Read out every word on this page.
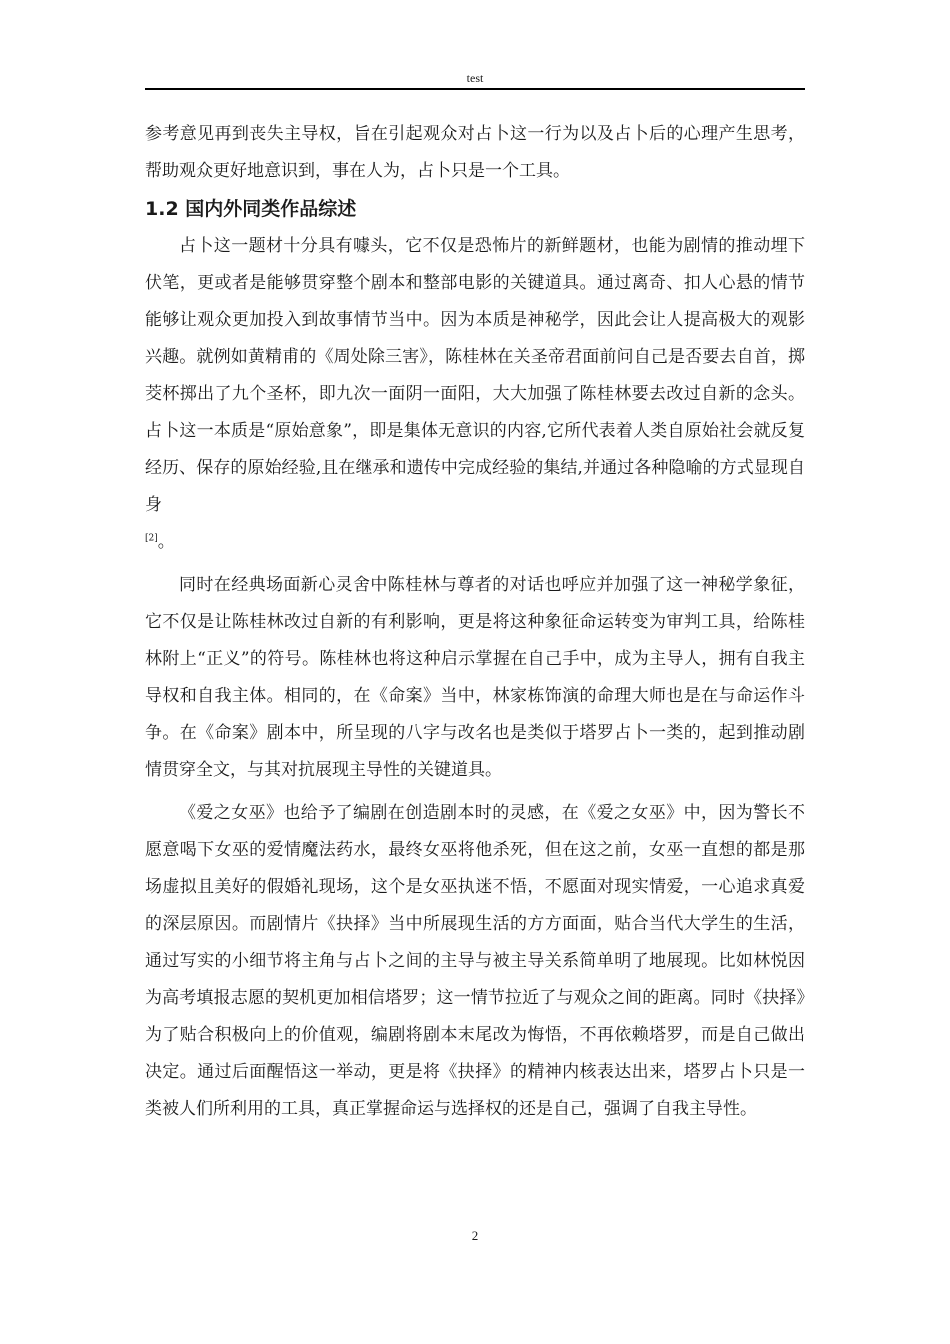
test

参考意见再到丧失主导权，旨在引起观众对占卜这一行为以及占卜后的心理产生思考，帮助观众更好地意识到，事在人为，占卜只是一个工具。

1.2 国内外同类作品综述

占卜这一题材十分具有噱头，它不仅是恐怖片的新鲜题材，也能为剧情的推动埋下伏笔，更或者是能够贯穿整个剧本和整部电影的关键道具。通过离奇、扣人心悬的情节能够让观众更加投入到故事情节当中。因为本质是神秘学，因此会让人提高极大的观影兴趣。就例如黄精甫的《周处除三害》，陈桂林在关圣帝君面前问自己是否要去自首，掷茭杯掷出了九个圣杯，即九次一面阴一面阳，大大加强了陈桂林要去改过自新的念头。占卜这一本质是“原始意象”，即是集体无意识的内容,它所代表着人类自原始社会就反复经历、保存的原始经验,且在继承和遗传中完成经验的集结,并通过各种隐喻的方式显现自身
[2]。

同时在经典场面新心灵舍中陈桂林与尊者的对话也呼应并加强了这一神秘学象征，它不仅是让陈桂林改过自新的有利影响，更是将这种象征命运转变为审判工具，给陈桂林附上“正义”的符号。陈桂林也将这种启示掌握在自己手中，成为主导人，拥有自我主导权和自我主体。相同的，在《命案》当中，林家栋饰演的命理大师也是在与命运作斗争。在《命案》剧本中，所呈现的八字与改名也是类似于塔罗占卜一类的，起到推动剧情贯穿全文，与其对抗展现主导性的关键道具。

《爱之女巫》也给予了编剧在创造剧本时的灵感，在《爱之女巫》中，因为警长不愿意喝下女巫的爱情魔法药水，最终女巫将他杀死，但在这之前，女巫一直想的都是那场虚拟且美好的假婚礼现场，这个是女巫执迷不悟，不愿面对现实情爱，一心追求真爱的深层原因。而剧情片《抉择》当中所展现生活的方方面面，贴合当代大学生的生活，通过写实的小细节将主角与占卜之间的主导与被主导关系简单明了地展现。比如林悦因为高考填报志愿的契机更加相信塔罗；这一情节拉近了与观众之间的距离。同时《抉择》为了贴合积极向上的价值观，编剧将剧本末尾改为悔悟，不再依赖塔罗，而是自己做出决定。通过后面醒悟这一举动，更是将《抉择》的精神内核表达出来，塔罗占卜只是一类被人们所利用的工具，真正掌握命运与选择权的还是自己，强调了自我主导性。

2
